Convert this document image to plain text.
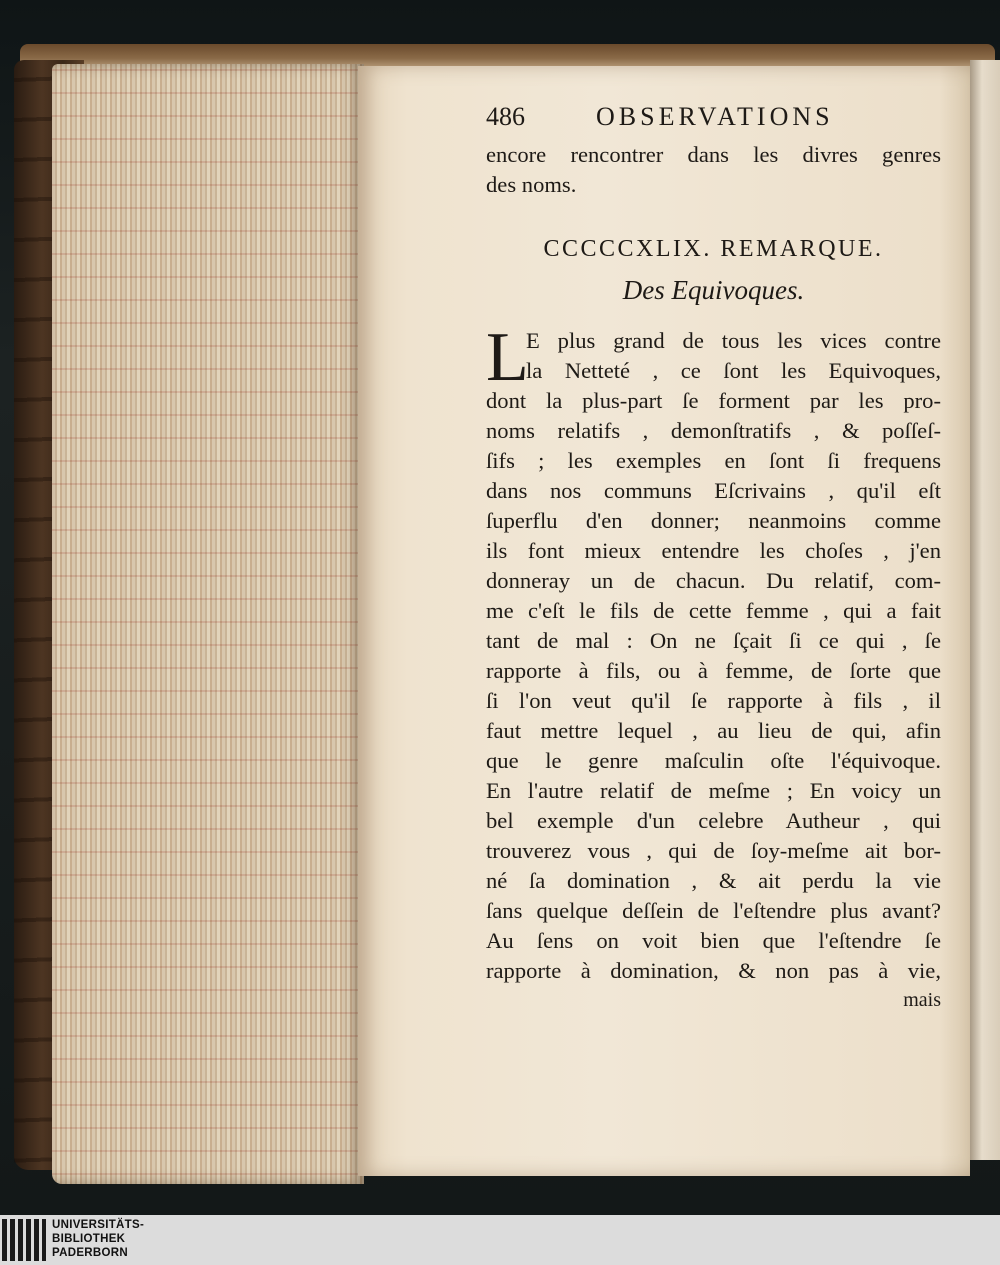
486	OBSERVATIONS
encore rencontrer dans les divres genres
des noms.
CCCCCXLIX. REMARQUE.
Des Equivoques.
L
E plus grand de tous les vices contre
la Netteté , ce ſont les Equivoques,
dont la plus-part ſe forment par les pro-
noms relatifs , demonſtratifs , & poſſeſ-
ſifs ; les exemples en ſont ſi frequens
dans nos communs Eſcrivains , qu'il eſt
ſuperflu d'en donner; neanmoins comme
ils font mieux entendre les choſes , j'en
donneray un de chacun. Du relatif, com-
me c'eſt le fils de cette femme , qui a fait
tant de mal : On ne ſçait ſi ce qui , ſe
rapporte à fils, ou à femme, de ſorte que
ſi l'on veut qu'il ſe rapporte à fils , il
faut mettre lequel , au lieu de qui, afin
que le genre maſculin oſte l'équivoque.
En l'autre relatif de meſme ; En voicy un
bel exemple d'un celebre Autheur , qui
trouverez vous , qui de ſoy-meſme ait bor-
né ſa domination , & ait perdu la vie
ſans quelque deſſein de l'eſtendre plus avant?
Au ſens on voit bien que l'eſtendre ſe
rapporte à domination, & non pas à vie,
mais
UNIVERSITÄTS-
BIBLIOTHEK
PADERBORN
